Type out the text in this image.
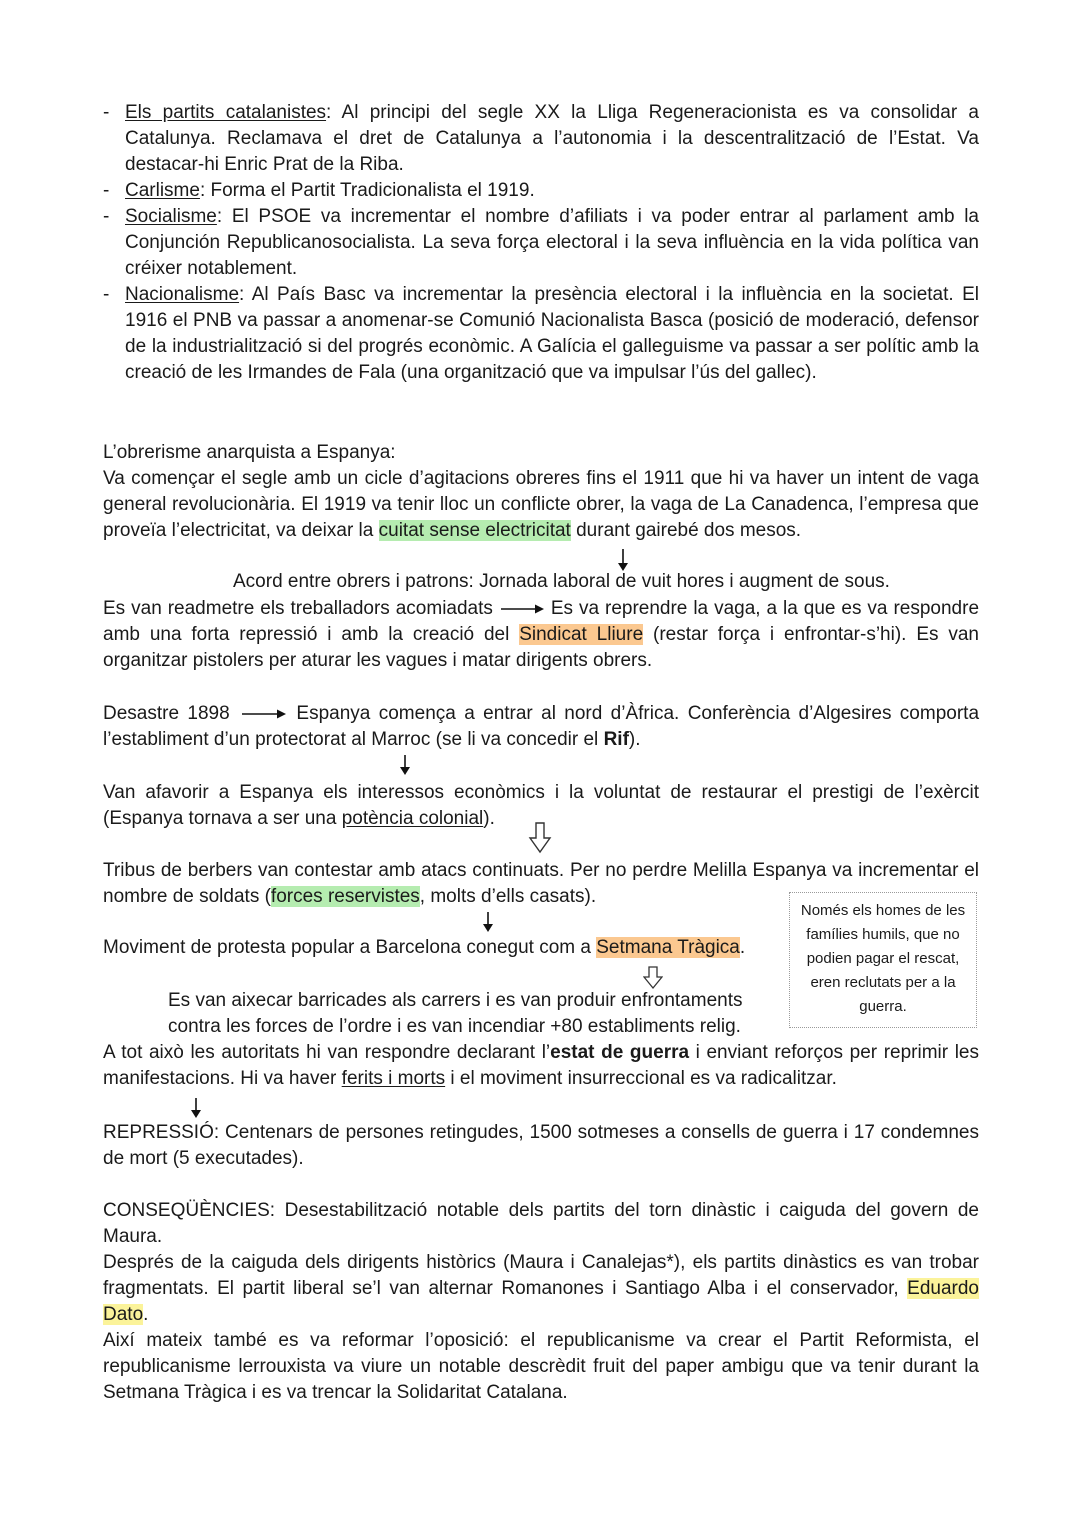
- Els partits catalanistes: Al principi del segle XX la Lliga Regeneracionista es va consolidar a Catalunya. Reclamava el dret de Catalunya a l’autonomia i la descentralització de l’Estat. Va destacar-hi Enric Prat de la Riba.
- Carlisme: Forma el Partit Tradicionalista el 1919.
- Socialisme: El PSOE va incrementar el nombre d’afiliats i va poder entrar al parlament amb la Conjunción Republicanosocialista. La seva força electoral i la seva influència en la vida política van créixer notablement.
- Nacionalisme: Al País Basc va incrementar la presència electoral i la influència en la societat. El 1916 el PNB va passar a anomenar-se Comunió Nacionalista Basca (posició de moderació, defensor de la industrialització si del progrés econòmic. A Galícia el galleguisme va passar a ser polític amb la creació de les Irmandes de Fala (una organització que va impulsar l’ús del gallec).

L’obrerisme anarquista a Espanya:

Va començar el segle amb un cicle d’agitacions obreres fins el 1911 que hi va haver un intent de vaga general revolucionària. El 1919 va tenir lloc un conflicte obrer, la vaga de La Canadenca, l’empresa que proveïa l’electricitat, va deixar la cuitat sense electricitat durant gairebé dos mesos.

Acord entre obrers i patrons: Jornada laboral de vuit hores i augment de sous.

Es van readmetre els treballadors acomiadats	Es va reprendre la vaga, a la que es va respondre amb una forta repressió i amb la creació del Sindicat Lliure (restar força i enfrontar-s’hi). Es van organitzar pistolers per aturar les vagues i matar dirigents obrers.

Desastre 1898	Espanya comença a entrar al nord d’Àfrica. Conferència d’Algesires comporta l’establiment d’un protectorat al Marroc (se li va concedir el Rif).

Van afavorir a Espanya els interessos econòmics i la voluntat de restaurar el prestigi de l’exèrcit (Espanya tornava a ser una potència colonial).

Tribus de berbers van contestar amb atacs continuats. Per no perdre Melilla Espanya va incrementar el nombre de soldats (forces reservistes, molts d’ells casats).

Moviment de protesta popular a Barcelona conegut com a Setmana Tràgica.

Només els homes de les famílies humils, que no podien pagar el rescat, eren reclutats per a la guerra.

Es van aixecar barricades als carrers i es van produir enfrontaments contra les forces de l’ordre i es van incendiar +80 establiments relig.

A tot això les autoritats hi van respondre declarant l’estat de guerra i enviant reforços per reprimir les manifestacions. Hi va haver ferits i morts i el moviment insurreccional es va radicalitzar.

REPRESSIÓ: Centenars de persones retingudes, 1500 sotmeses a consells de guerra i 17 condemnes de mort (5 executades).

CONSEQÜÈNCIES: Desestabilització notable dels partits del torn dinàstic i caiguda del govern de Maura.

Després de la caiguda dels dirigents històrics (Maura i Canalejas*), els partits dinàstics es van trobar fragmentats. El partit liberal se’l van alternar Romanones i Santiago Alba i el conservador, Eduardo Dato.

Així mateix també es va reformar l’oposició: el republicanisme va crear el Partit Reformista, el republicanisme lerrouxista va viure un notable descrèdit fruit del paper ambigu que va tenir durant la Setmana Tràgica i es va trencar la Solidaritat Catalana.
